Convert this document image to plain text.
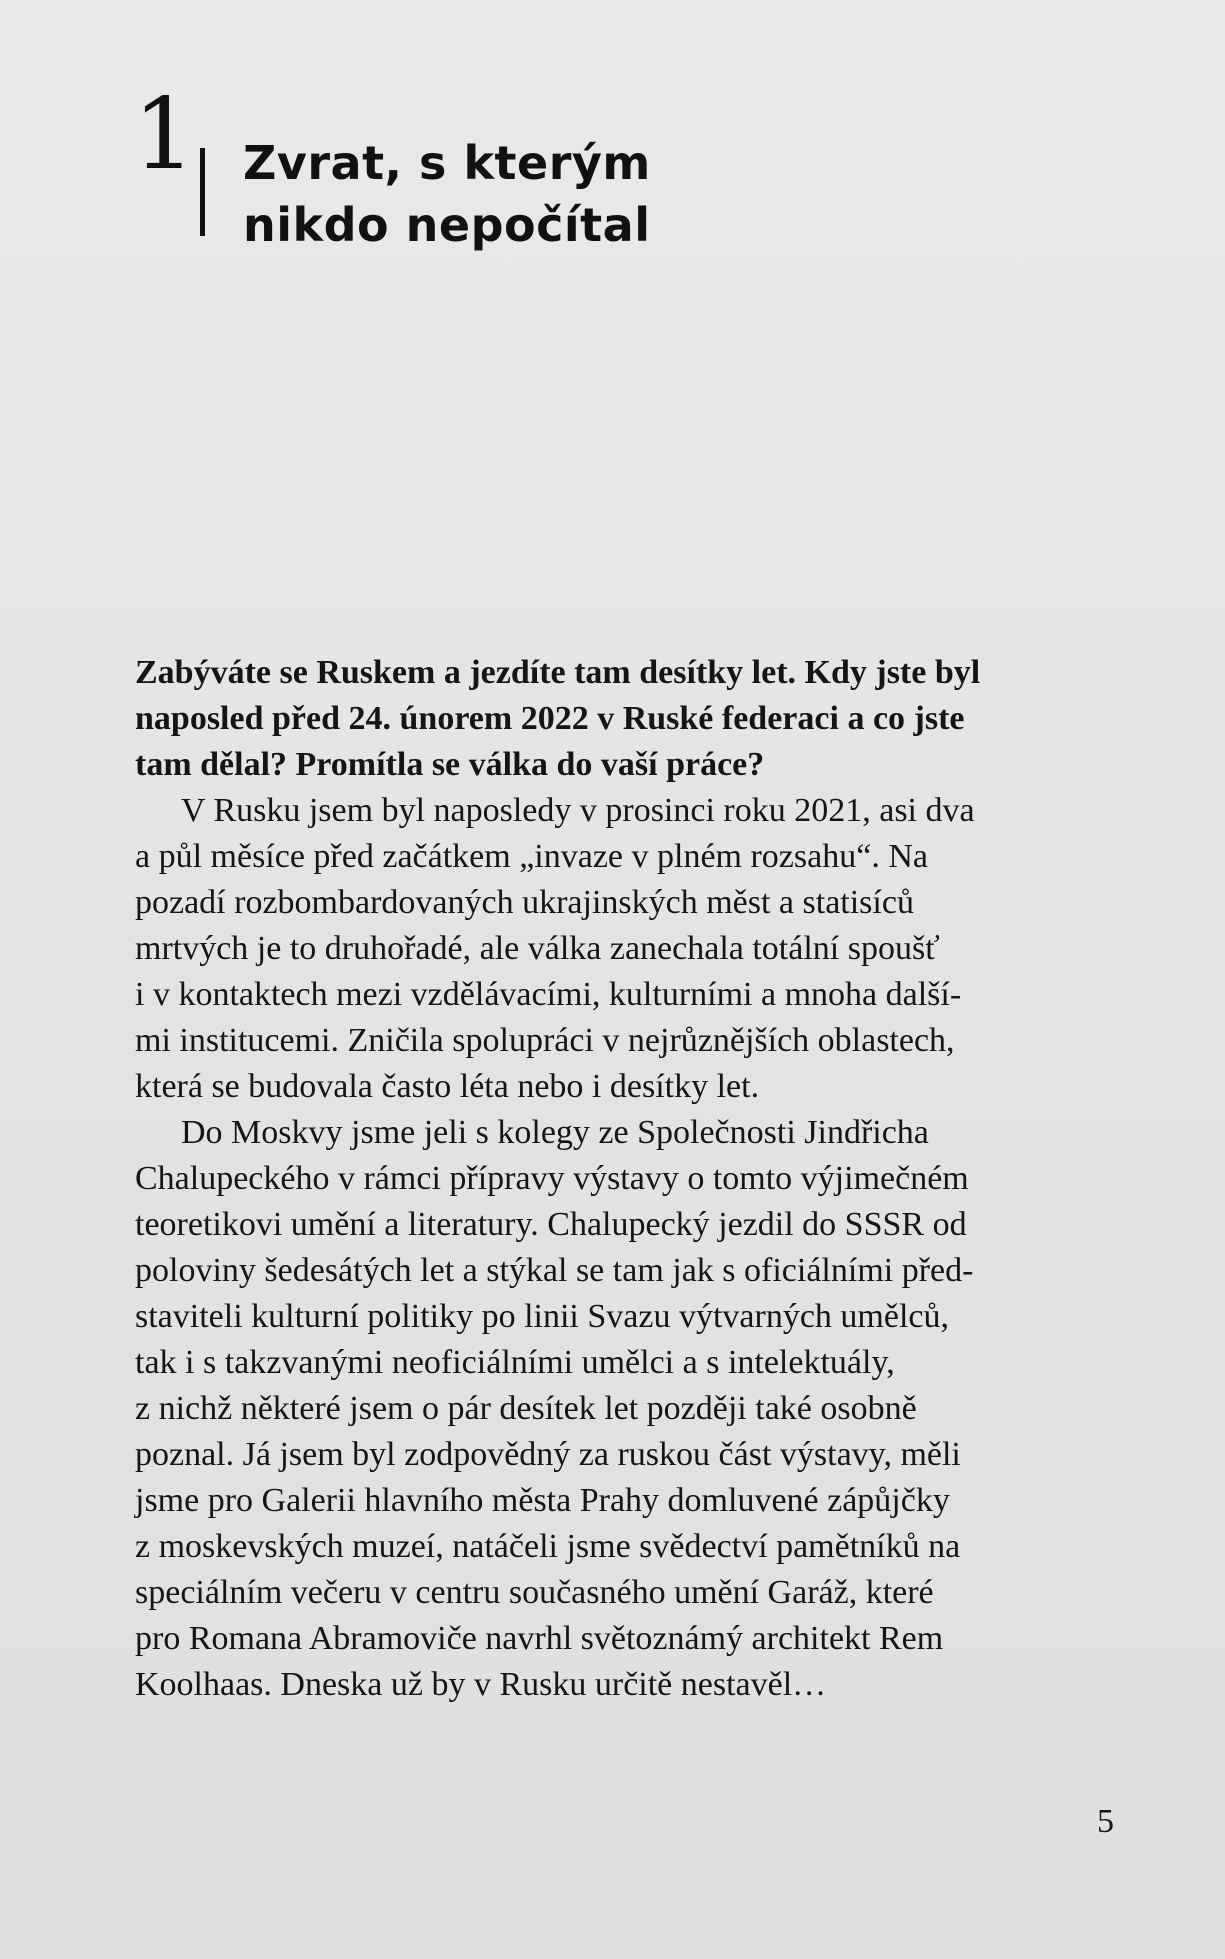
1 Zvrat, s kterým
nikdo nepočítal
Zabýváte se Ruskem a jezdíte tam desítky let. Kdy jste byl
naposled před 24. únorem 2022 v Ruské federaci a co jste
tam dělal? Promítla se válka do vaší práce?
V Rusku jsem byl naposledy v prosinci roku 2021, asi dva
a půl měsíce před začátkem „invaze v plném rozsahu“. Na
pozadí rozbombardovaných ukrajinských měst a statisíců
mrtvých je to druhořadé, ale válka zanechala totální spoušť
i v kontaktech mezi vzdělávacími, kulturními a mnoha další-
mi institucemi. Zničila spolupráci v nejrůznějších oblastech,
která se budovala často léta nebo i desítky let.
Do Moskvy jsme jeli s kolegy ze Společnosti Jindřicha
Chalupeckého v rámci přípravy výstavy o tomto výjimečném
teoretikovi umění a literatury. Chalupecký jezdil do SSSR od
poloviny šedesátých let a stýkal se tam jak s oficiálními před-
staviteli kulturní politiky po linii Svazu výtvarných umělců,
tak i s takzvanými neoficiálními umělci a s intelektuály,
z nichž některé jsem o pár desítek let později také osobně
poznal. Já jsem byl zodpovědný za ruskou část výstavy, měli
jsme pro Galerii hlavního města Prahy domluvené zápůjčky
z moskevských muzeí, natáčeli jsme svědectví pamětníků na
speciálním večeru v centru současného umění Garáž, které
pro Romana Abramoviče navrhl světoznámý architekt Rem
Koolhaas. Dneska už by v Rusku určitě nestavěl…
5
